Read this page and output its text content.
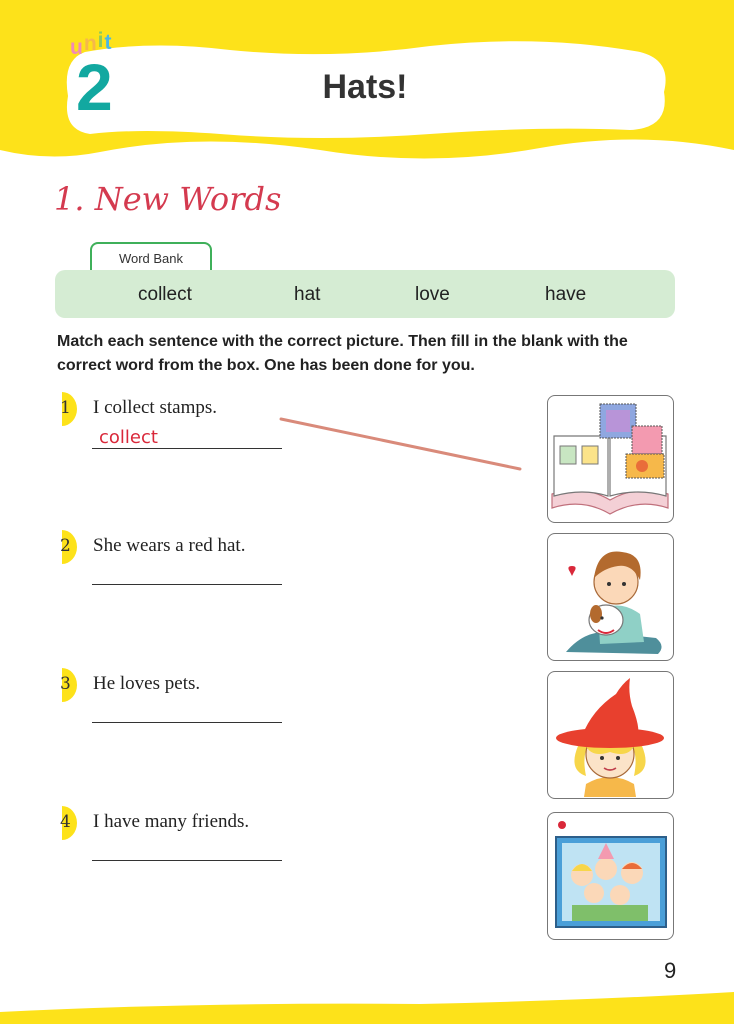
unit
2	Hats!
1. New Words
Word Bank
collect	hat	love	have
Match each sentence with the correct picture. Then fill in the blank with the correct word from the box. One has been done for you.
1 I collect stamps.
collect
2 She wears a red hat.
3 He loves pets.
4 I have many friends.
9
